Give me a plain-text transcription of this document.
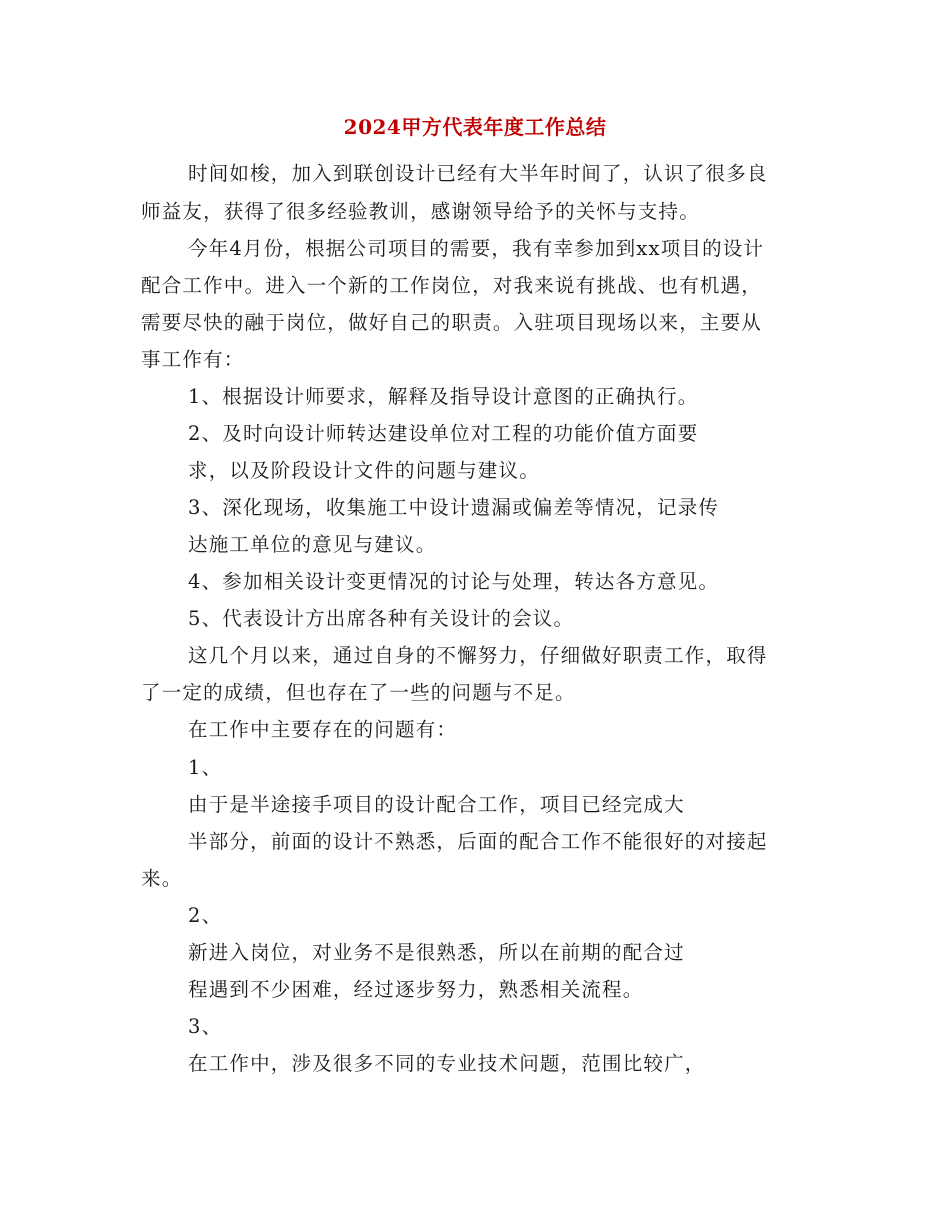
2024甲方代表年度工作总结
时间如梭，加入到联创设计已经有大半年时间了，认识了很多良
师益友，获得了很多经验教训，感谢领导给予的关怀与支持。
今年4月份，根据公司项目的需要，我有幸参加到xx项目的设计
配合工作中。进入一个新的工作岗位，对我来说有挑战、也有机遇，
需要尽快的融于岗位，做好自己的职责。入驻项目现场以来，主要从
事工作有：
1、根据设计师要求，解释及指导设计意图的正确执行。
2、及时向设计师转达建设单位对工程的功能价值方面要
求，以及阶段设计文件的问题与建议。
3、深化现场，收集施工中设计遗漏或偏差等情况，记录传
达施工单位的意见与建议。
4、参加相关设计变更情况的讨论与处理，转达各方意见。
5、代表设计方出席各种有关设计的会议。
这几个月以来，通过自身的不懈努力，仔细做好职责工作，取得
了一定的成绩，但也存在了一些的问题与不足。
在工作中主要存在的问题有：
1、
由于是半途接手项目的设计配合工作，项目已经完成大
半部分，前面的设计不熟悉，后面的配合工作不能很好的对接起
来。
2、
新进入岗位，对业务不是很熟悉，所以在前期的配合过
程遇到不少困难，经过逐步努力，熟悉相关流程。
3、
在工作中，涉及很多不同的专业技术问题，范围比较广，
